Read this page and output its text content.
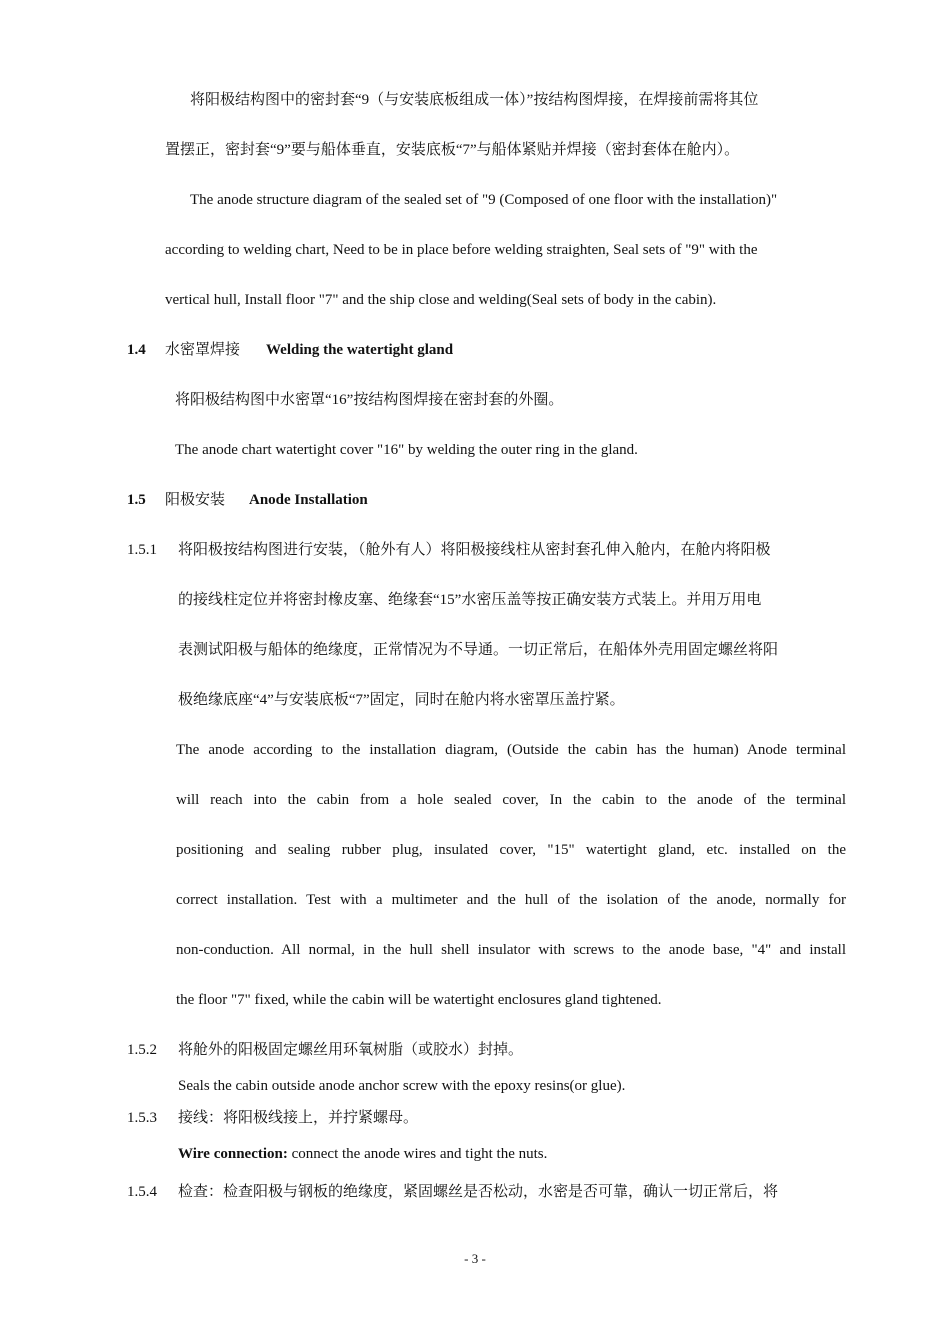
将阳极结构图中的密封套“9（与安装底板组成一体）”按结构图焊接，在焊接前需将其位
置摆正，密封套“9”要与船体垂直，安装底板“7”与船体紧贴并焊接（密封套体在舱内）。
The anode structure diagram of the sealed set of "9 (Composed of one floor with the installation)"
according to welding chart, Need to be in place before welding straighten, Seal sets of "9" with the
vertical hull, Install floor "7" and the ship close and welding(Seal sets of body in the cabin).
1.4 水密罩焊接 Welding the watertight gland
将阳极结构图中水密罩“16”按结构图焊接在密封套的外圈。
The anode chart watertight cover "16" by welding the outer ring in the gland.
1.5 阳极安装 Anode Installation
1.5.1 将阳极按结构图进行安装，（舱外有人）将阳极接线柱从密封套孔伸入舱内，在舱内将阳极
的接线柱定位并将密封橡皮塞、绝缘套“15”水密压盖等按正确安装方式装上。并用万用电
表测试阳极与船体的绝缘度，正常情况为不导通。一切正常后，在船体外壳用固定螺丝将阳
极绝缘底座“4”与安装底板“7”固定，同时在舱内将水密罩压盖拧紧。
The anode according to the installation diagram, (Outside the cabin has the human) Anode terminal
will reach into the cabin from a hole sealed cover, In the cabin to the anode of the terminal
positioning and sealing rubber plug, insulated cover, "15" watertight gland, etc. installed on the
correct installation. Test with a multimeter and the hull of the isolation of the anode, normally for
non-conduction. All normal, in the hull shell insulator with screws to the anode base, "4" and install
the floor "7" fixed, while the cabin will be watertight enclosures gland tightened.
1.5.2 将舱外的阳极固定螺丝用环氧树脂（或胶水）封掉。
Seals the cabin outside anode anchor screw with the epoxy resins(or glue).
1.5.3 接线：将阳极线接上，并拧紧螺母。
Wire connection: connect the anode wires and tight the nuts.
1.5.4 检查：检查阳极与钢板的绝缘度，紧固螺丝是否松动，水密是否可靠，确认一切正常后，将
- 3 -
